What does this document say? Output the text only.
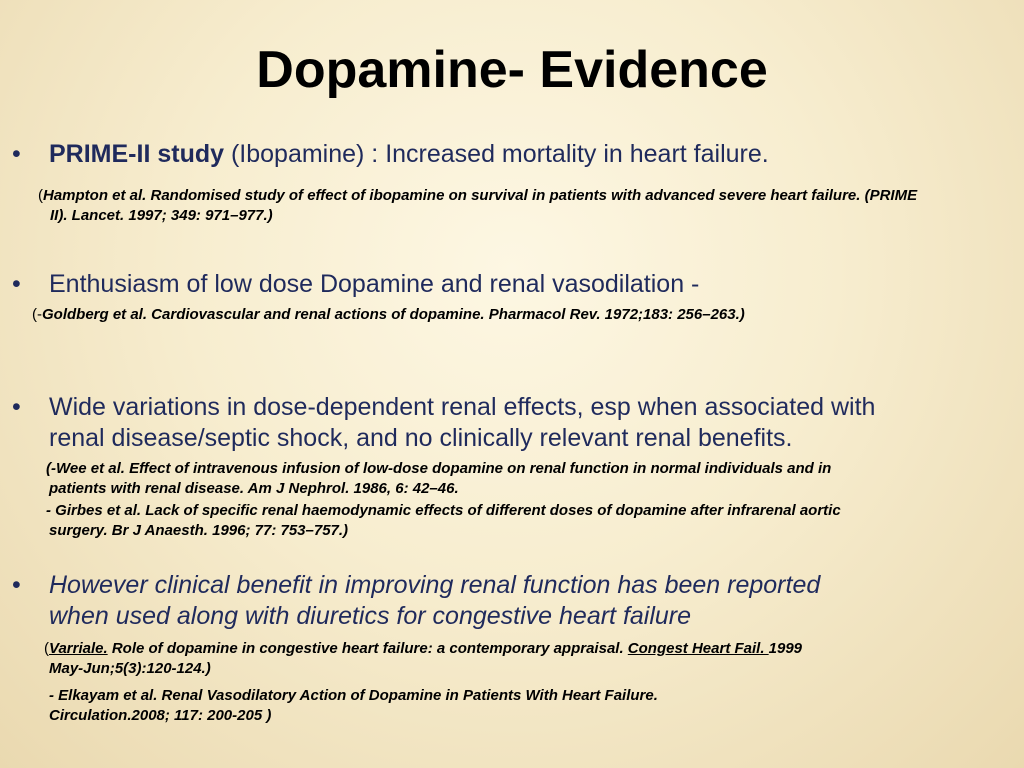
Dopamine- Evidence
•	PRIME-II study (Ibopamine) : Increased mortality in heart failure.
(Hampton et al. Randomised study of effect of ibopamine on survival in patients with advanced severe heart failure. (PRIME
II). Lancet. 1997; 349: 971–977.)
•	Enthusiasm of low dose Dopamine and renal vasodilation -
(-Goldberg et al. Cardiovascular and renal actions of dopamine. Pharmacol Rev. 1972;183: 256–263.)
•	Wide variations in dose-dependent renal effects, esp when associated with
renal disease/septic shock, and no clinically relevant renal benefits.
(-Wee et al. Effect of intravenous infusion of low-dose dopamine on renal function in normal individuals and in
patients with renal disease. Am J Nephrol. 1986, 6: 42–46.
- Girbes et al. Lack of specific renal haemodynamic effects of different doses of dopamine after infrarenal aortic
surgery. Br J Anaesth. 1996; 77: 753–757.)
•	However clinical benefit in improving renal function has been reported
when used along with diuretics for congestive heart failure
(Varriale. Role of dopamine in congestive heart failure: a contemporary appraisal. Congest Heart Fail. 1999
May-Jun;5(3):120-124.)
- Elkayam et al. Renal Vasodilatory Action of Dopamine in Patients With Heart Failure.
Circulation.2008; 117: 200-205 )
